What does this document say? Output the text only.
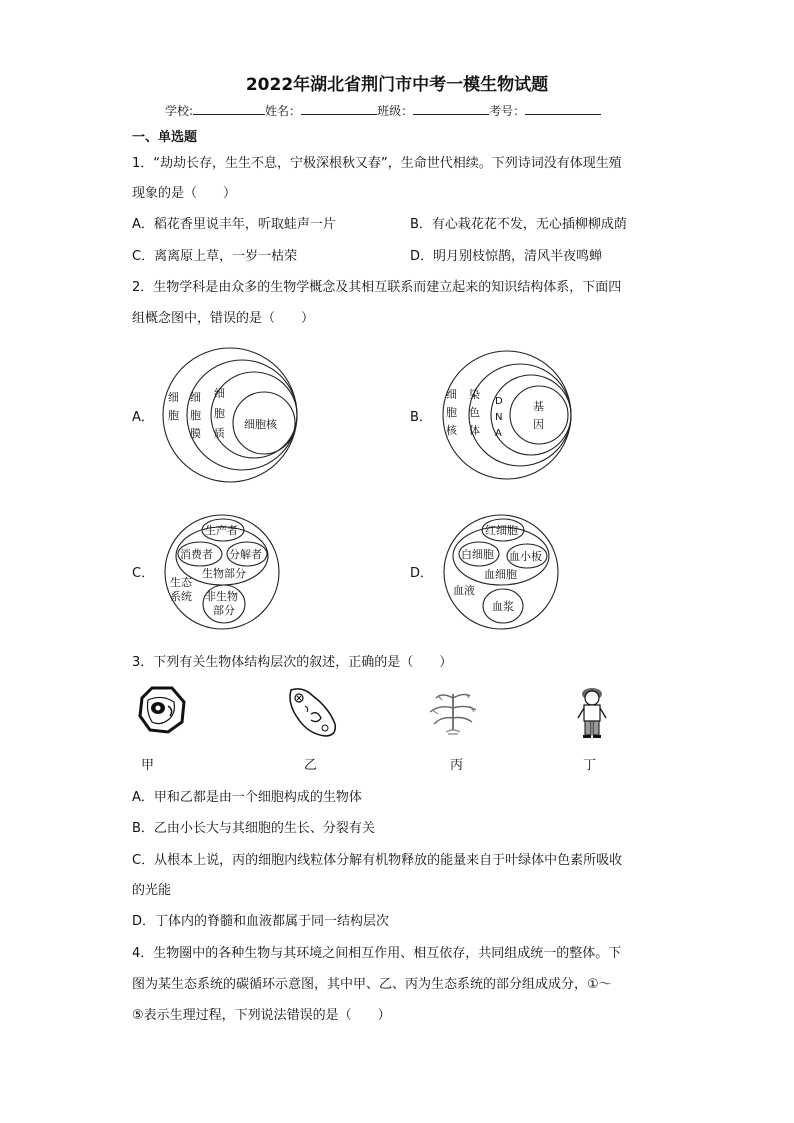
2022年湖北省荆门市中考一模生物试题
学校:	姓名：	班级：	考号：
一、单选题
1．“劫劫长存，生生不息，宁极深根秋又春”，生命世代相续。下列诗词没有体现生殖
现象的是（　　）
A．稻花香里说丰年，听取蛙声一片	B．有心栽花花不发，无心插柳柳成荫
C．离离原上草，一岁一枯荣	D．明月别枝惊鹊，清风半夜鸣蝉
2．生物学科是由众多的生物学概念及其相互联系而建立起来的知识结构体系，下面四
组概念图中，错误的是（　　）
A．
细
胞
细
胞
膜
细
胞
质
细胞核	B．
细
胞
核
染
色
体
D
N
A
基
因
C．
生产者
消费者 分解者
生物部分
生态
系统 非生物
部分
D．
红细胞
白细胞 血小板
血细胞
血液
血浆
3．下列有关生物体结构层次的叙述，正确的是（　　）
甲	乙	丙	丁
A．甲和乙都是由一个细胞构成的生物体
B．乙由小长大与其细胞的生长、分裂有关
C．从根本上说，丙的细胞内线粒体分解有机物释放的能量来自于叶绿体中色素所吸收
的光能
D．丁体内的脊髓和血液都属于同一结构层次
4．生物圈中的各种生物与其环境之间相互作用、相互依存，共同组成统一的整体。下
图为某生态系统的碳循环示意图，其中甲、乙、丙为生态系统的部分组成成分，①～
⑤表示生理过程，下列说法错误的是（　　）
